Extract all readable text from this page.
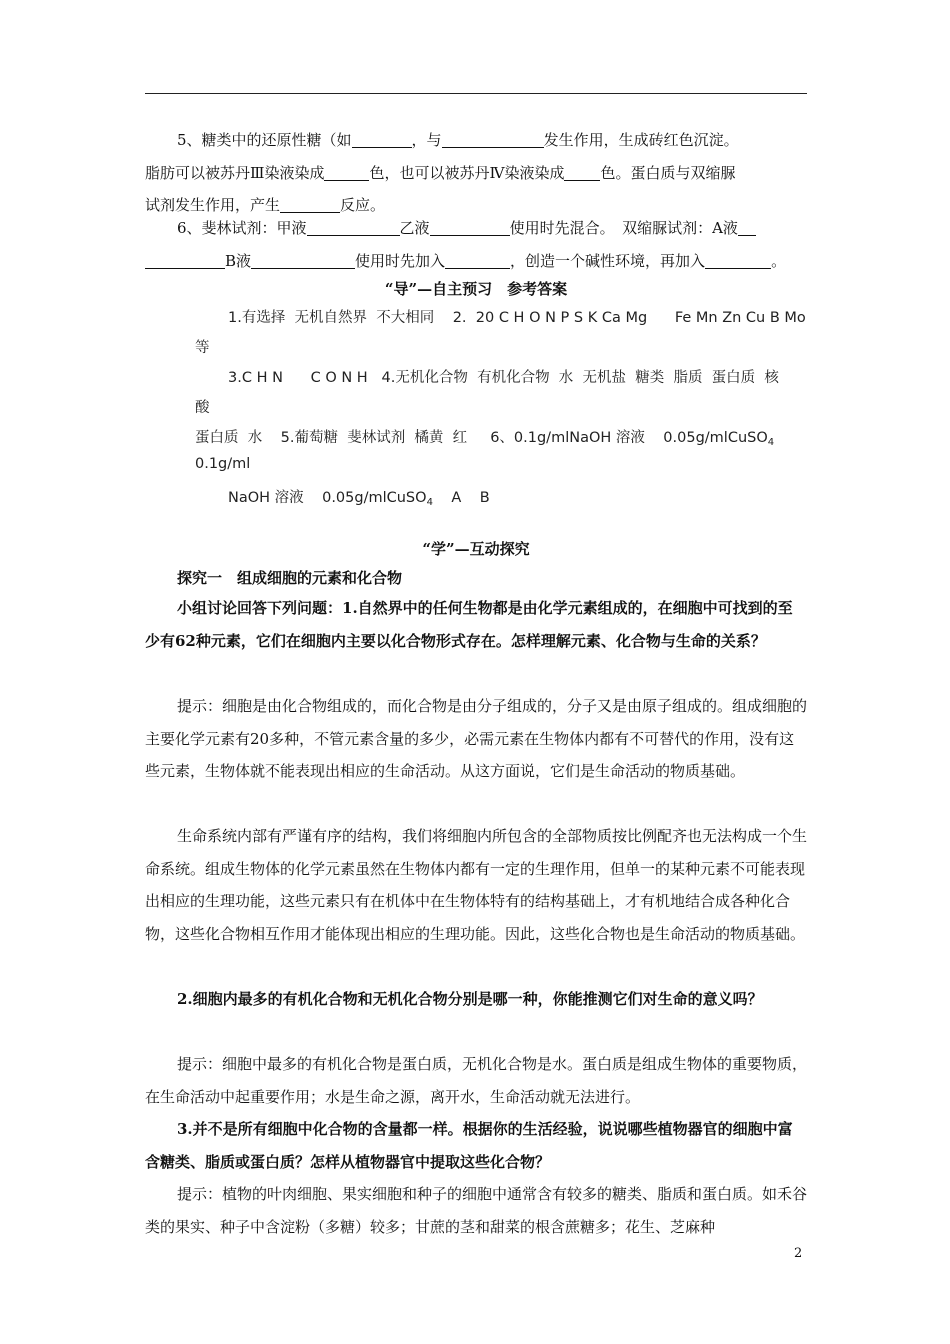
5、糖类中的还原性糖（如	，与	发生作用，生成砖红色沉淀。
脂肪可以被苏丹Ⅲ染液染成	色，也可以被苏丹Ⅳ染液染成 色。蛋白质与双缩脲
试剂发生作用，产生	反应。

6、斐林试剂：甲液	乙液	使用时先混合。　双缩脲试剂：A液
B液	使用时先加入	，创造一个碱性环境，再加入	。

“导”—自主预习　参考答案

1.有选择  无机自然界  不大相同    2.  20 C H O N P S K Ca Mg      Fe Mn Zn Cu B Mo

等

3.C H N      C O N H   4.无机化合物  有机化合物  水  无机盐  糖类  脂质  蛋白质  核

酸

蛋白质  水    5.葡萄糖  斐林试剂  橘黄  红     6、0.1g/mlNaOH 溶液    0.05g/mlCuSO$_4$

0.1g/ml

NaOH 溶液    0.05g/mlCuSO$_4$    A    B

“学”—互动探究

探究一　组成细胞的元素和化合物

小组讨论回答下列问题：1.自然界中的任何生物都是由化学元素组成的，在细胞中可找到的至少有62种元素，它们在细胞内主要以化合物形式存在。怎样理解元素、化合物与生命的关系？

提示：细胞是由化合物组成的，而化合物是由分子组成的，分子又是由原子组成的。组成细胞的主要化学元素有20多种，不管元素含量的多少，必需元素在生物体内都有不可替代的作用，没有这些元素，生物体就不能表现出相应的生命活动。从这方面说，它们是生命活动的物质基础。

生命系统内部有严谨有序的结构，我们将细胞内所包含的全部物质按比例配齐也无法构成一个生命系统。组成生物体的化学元素虽然在生物体内都有一定的生理作用，但单一的某种元素不可能表现出相应的生理功能，这些元素只有在机体中在生物体特有的结构基础上，才有机地结合成各种化合物，这些化合物相互作用才能体现出相应的生理功能。因此，这些化合物也是生命活动的物质基础。

2.细胞内最多的有机化合物和无机化合物分别是哪一种，你能推测它们对生命的意义吗？

提示：细胞中最多的有机化合物是蛋白质，无机化合物是水。蛋白质是组成生物体的重要物质，在生命活动中起重要作用；水是生命之源，离开水，生命活动就无法进行。

3.并不是所有细胞中化合物的含量都一样。根据你的生活经验，说说哪些植物器官的细胞中富含糖类、脂质或蛋白质？怎样从植物器官中提取这些化合物？

提示：植物的叶肉细胞、果实细胞和种子的细胞中通常含有较多的糖类、脂质和蛋白质。如禾谷类的果实、种子中含淀粉（多糖）较多；甘蔗的茎和甜菜的根含蔗糖多；花生、芝麻种

2
